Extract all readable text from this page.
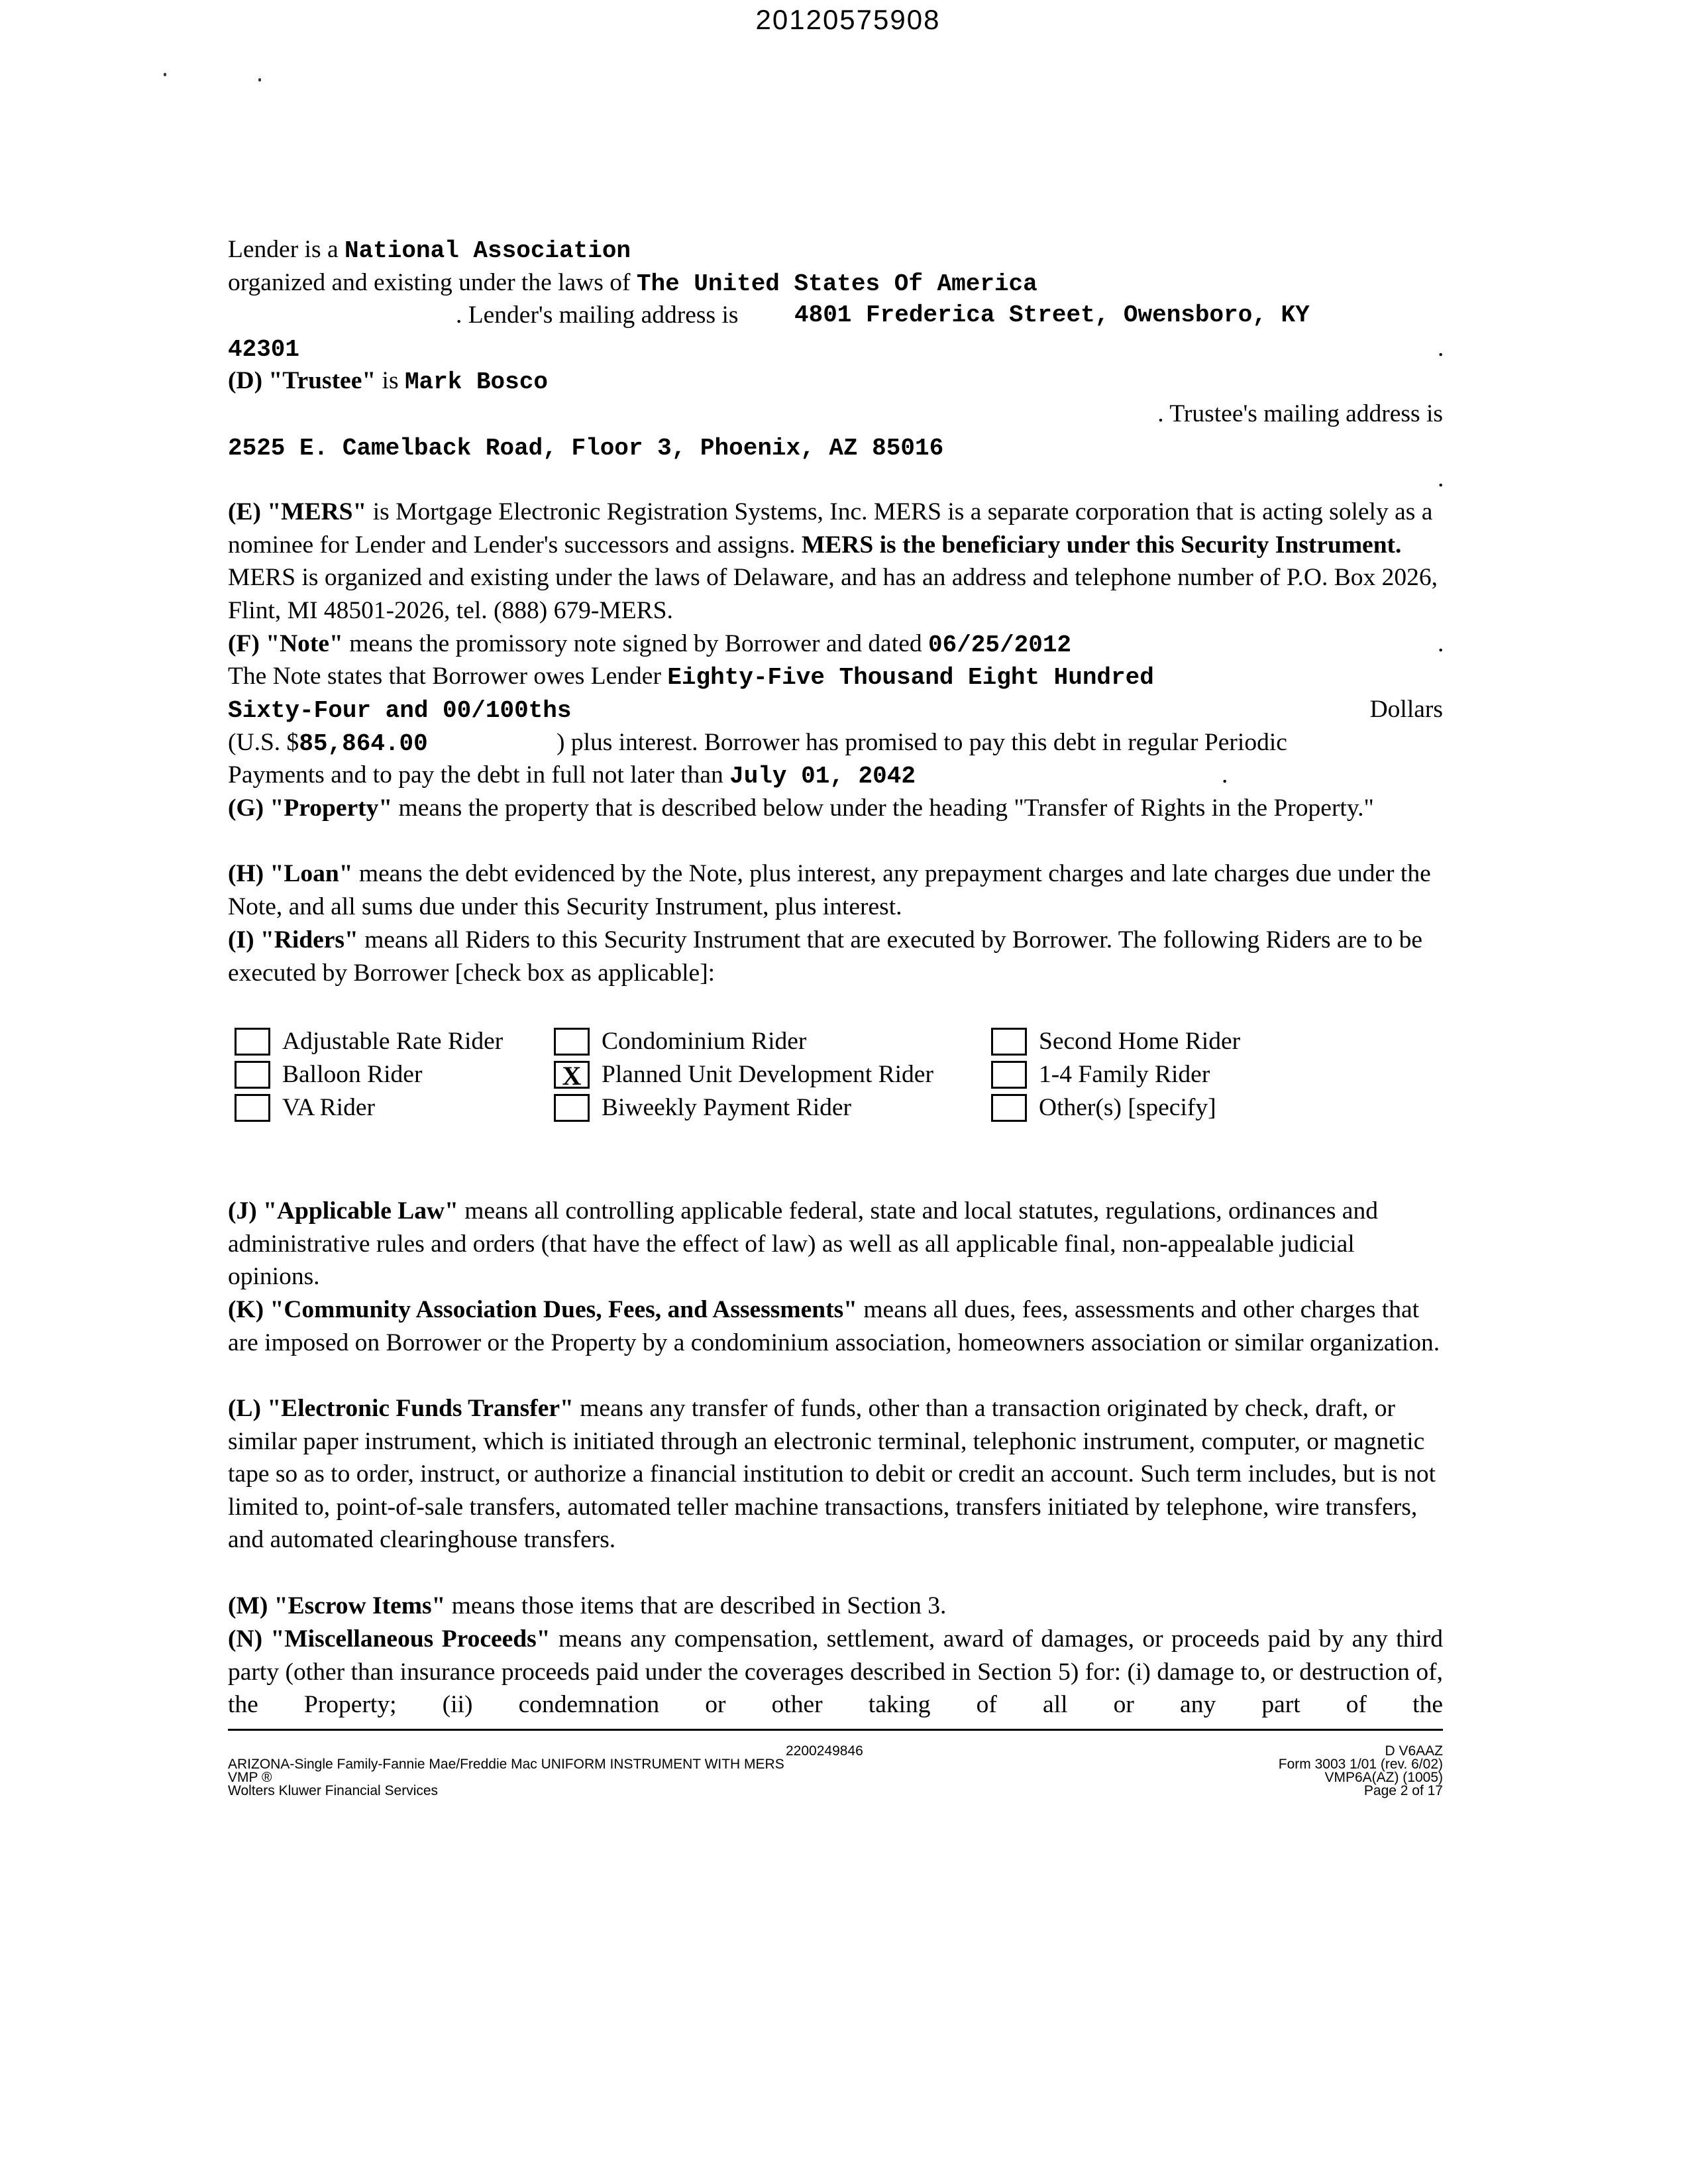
20120575908
Lender is a National Association
organized and existing under the laws of The United States Of America
. Lender's mailing address is 4801 Frederica Street, Owensboro, KY
42301	.
(D) "Trustee" is Mark Bosco
. Trustee's mailing address is
2525 E. Camelback Road, Floor 3, Phoenix, AZ 85016
.

(E) "MERS" is Mortgage Electronic Registration Systems, Inc. MERS is a separate corporation that is acting solely as a nominee for Lender and Lender's successors and assigns. MERS is the beneficiary under this Security Instrument. MERS is organized and existing under the laws of Delaware, and has an address and telephone number of P.O. Box 2026, Flint, MI 48501-2026, tel. (888) 679-MERS.

(F) "Note" means the promissory note signed by Borrower and dated 06/25/2012	.
The Note states that Borrower owes Lender Eighty-Five Thousand Eight Hundred
Sixty-Four and 00/100ths	Dollars
(U.S. $85,864.00	) plus interest. Borrower has promised to pay this debt in regular Periodic
Payments and to pay the debt in full not later than July 01, 2042	.

(G) "Property" means the property that is described below under the heading "Transfer of Rights in the Property."

(H) "Loan" means the debt evidenced by the Note, plus interest, any prepayment charges and late charges due under the Note, and all sums due under this Security Instrument, plus interest.

(I) "Riders" means all Riders to this Security Instrument that are executed by Borrower. The following Riders are to be executed by Borrower [check box as applicable]:

Adjustable Rate Rider	Condominium Rider	Second Home Rider
Balloon Rider	X Planned Unit Development Rider	1-4 Family Rider
VA Rider	Biweekly Payment Rider	Other(s) [specify]

(J) "Applicable Law" means all controlling applicable federal, state and local statutes, regulations, ordinances and administrative rules and orders (that have the effect of law) as well as all applicable final, non-appealable judicial opinions.

(K) "Community Association Dues, Fees, and Assessments" means all dues, fees, assessments and other charges that are imposed on Borrower or the Property by a condominium association, homeowners association or similar organization.

(L) "Electronic Funds Transfer" means any transfer of funds, other than a transaction originated by check, draft, or similar paper instrument, which is initiated through an electronic terminal, telephonic instrument, computer, or magnetic tape so as to order, instruct, or authorize a financial institution to debit or credit an account. Such term includes, but is not limited to, point-of-sale transfers, automated teller machine transactions, transfers initiated by telephone, wire transfers, and automated clearinghouse transfers.

(M) "Escrow Items" means those items that are described in Section 3.

(N) "Miscellaneous Proceeds" means any compensation, settlement, award of damages, or proceeds paid by any third party (other than insurance proceeds paid under the coverages described in Section 5) for: (i) damage to, or destruction of, the Property; (ii) condemnation or other taking of all or any part of the

2200249846
ARIZONA-Single Family-Fannie Mae/Freddie Mac UNIFORM INSTRUMENT WITH MERS
VMP ®
Wolters Kluwer Financial Services
D V6AAZ
Form 3003 1/01 (rev. 6/02)
VMP6A(AZ) (1005)
Page 2 of 17
